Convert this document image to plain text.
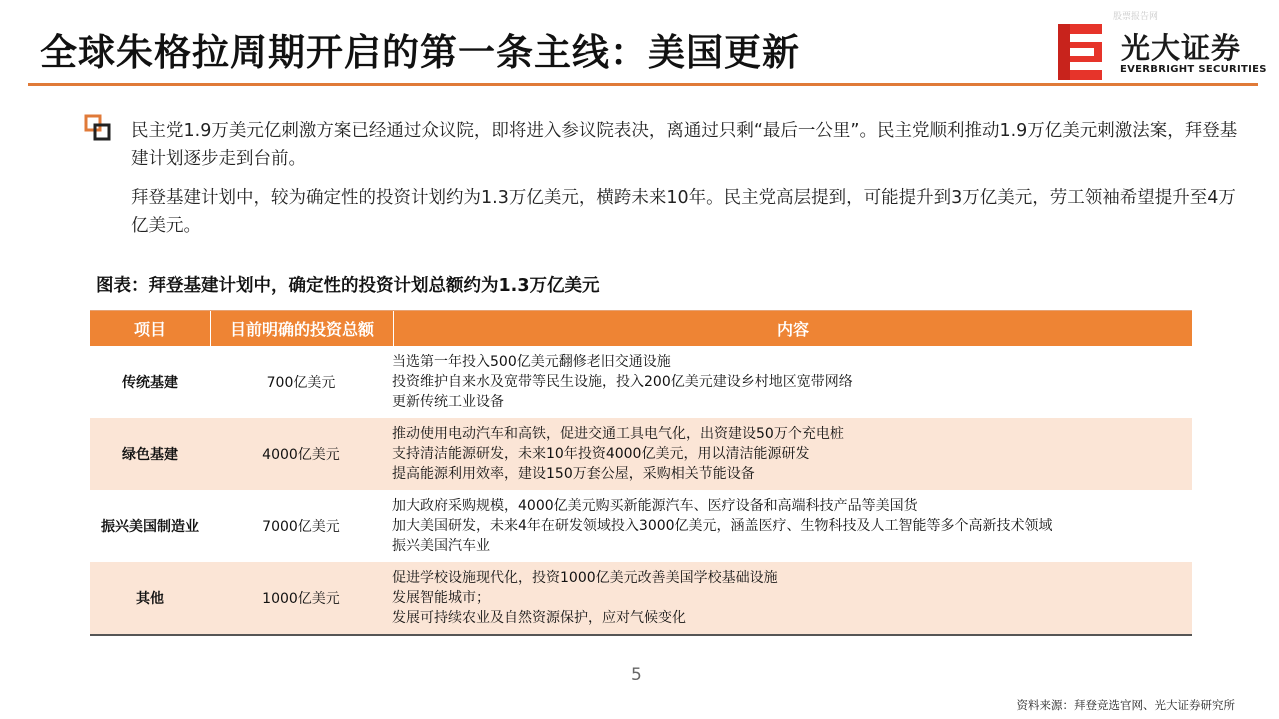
全球朱格拉周期开启的第一条主线：美国更新
股票报告网
光大证券
EVERBRIGHT SECURITIES
民主党1.9万美元亿刺激方案已经通过众议院，即将进入参议院表决，离通过只剩“最后一公里”。民主党顺利推动1.9万亿美元刺激法案，拜登基建计划逐步走到台前。
拜登基建计划中，较为确定性的投资计划约为1.3万亿美元，横跨未来10年。民主党高层提到，可能提升到3万亿美元，劳工领袖希望提升至4万亿美元。
图表：拜登基建计划中，确定性的投资计划总额约为1.3万亿美元
项目	目前明确的投资总额	内容
传统基建	700亿美元
当选第一年投入500亿美元翻修老旧交通设施
投资维护自来水及宽带等民生设施，投入200亿美元建设乡村地区宽带网络
更新传统工业设备
绿色基建	4000亿美元
推动使用电动汽车和高铁，促进交通工具电气化，出资建设50万个充电桩
支持清洁能源研发，未来10年投资4000亿美元，用以清洁能源研发
提高能源利用效率，建设150万套公屋，采购相关节能设备
振兴美国制造业	7000亿美元
加大政府采购规模，4000亿美元购买新能源汽车、医疗设备和高端科技产品等美国货
加大美国研发，未来4年在研发领域投入3000亿美元，涵盖医疗、生物科技及人工智能等多个高新技术领域
振兴美国汽车业
其他	1000亿美元
促进学校设施现代化，投资1000亿美元改善美国学校基础设施
发展智能城市；
发展可持续农业及自然资源保护，应对气候变化
5
资料来源：拜登竞选官网、光大证券研究所
